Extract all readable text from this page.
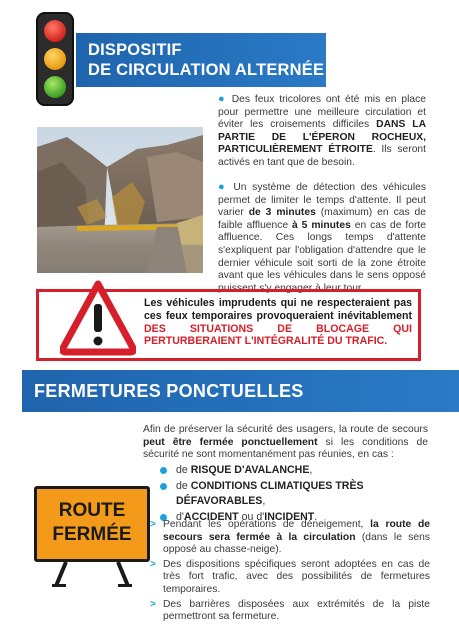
DISPOSITIF
DE CIRCULATION ALTERNÉE
● Des feux tricolores ont été mis en place pour permettre une meilleure circulation et éviter les croisements difficiles DANS LA PARTIE DE L'ÉPERON ROCHEUX, PARTICULIÈREMENT ÉTROITE. Ils seront activés en tant que de besoin.
● Un système de détection des véhicules permet de limiter le temps d'attente. Il peut varier de 3 minutes (maximum) en cas de faible affluence à 5 minutes en cas de forte affluence. Ces longs temps d'attente s'expliquent par l'obligation d'attendre que le dernier véhicule soit sorti de la zone étroite avant que les véhicules dans le sens opposé puissent s'y engager à leur tour.
Les véhicules imprudents qui ne respecteraient pas ces feux temporaires provoqueraient inévitablement DES SITUATIONS DE BLOCAGE QUI PERTURBERAIENT L'INTÉGRALITÉ DU TRAFIC.
FERMETURES PONCTUELLES
Afin de préserver la sécurité des usagers, la route de secours peut être fermée ponctuellement si les conditions de sécurité ne sont momentanément pas réunies, en cas :
de RISQUE D'AVALANCHE,
de CONDITIONS CLIMATIQUES TRÈS DÉFAVORABLES,
d'ACCIDENT ou d'INCIDENT.
ROUTE
FERMÉE	> Pendant les opérations de déneigement, la route de secours sera fermée à la circulation (dans le sens opposé au chasse-neige).
> Des dispositions spécifiques seront adoptées en cas de très fort trafic, avec des possibilités de fermetures temporaires.
> Des barrières disposées aux extrémités de la piste permettront sa fermeture.
